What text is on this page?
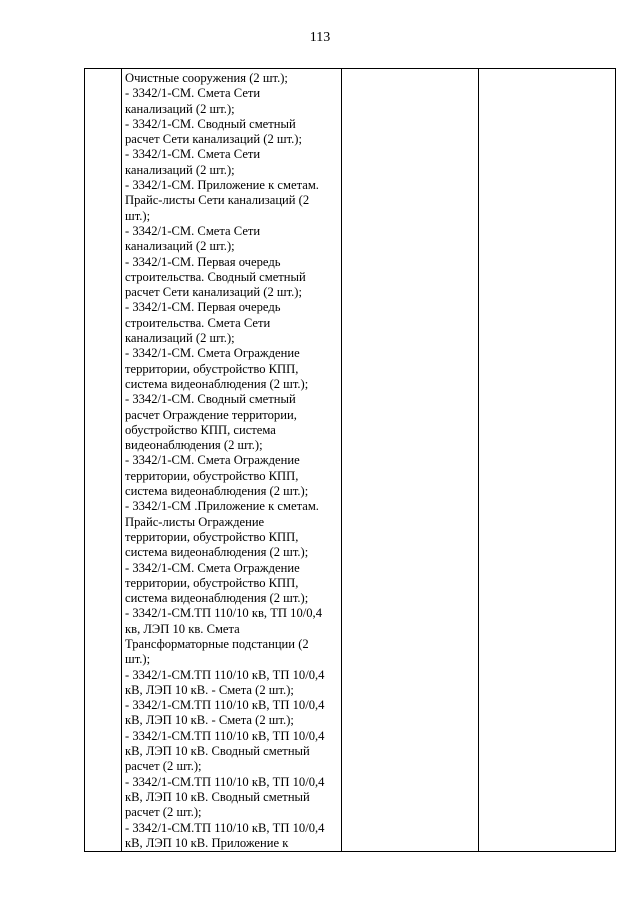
113

Очистные сооружения (2 шт.);
- 3342/1-СМ. Смета Сети
канализаций (2 шт.);
- 3342/1-СМ. Сводный сметный
расчет Сети канализаций (2 шт.);
- 3342/1-СМ. Смета Сети
канализаций (2 шт.);
- 3342/1-СМ. Приложение к сметам.
Прайс-листы Сети канализаций (2
шт.);
- 3342/1-СМ. Смета Сети
канализаций (2 шт.);
- 3342/1-СМ. Первая очередь
строительства. Сводный сметный
расчет Сети канализаций (2 шт.);
- 3342/1-СМ. Первая очередь
строительства. Смета Сети
канализаций (2 шт.);
- 3342/1-СМ. Смета Ограждение
территории, обустройство КПП,
система видеонаблюдения (2 шт.);
- 3342/1-СМ. Сводный сметный
расчет Ограждение территории,
обустройство КПП, система
видеонаблюдения (2 шт.);
- 3342/1-СМ. Смета Ограждение
территории, обустройство КПП,
система видеонаблюдения (2 шт.);
- 3342/1-СМ .Приложение к сметам.
Прайс-листы Ограждение
территории, обустройство КПП,
система видеонаблюдения (2 шт.);
- 3342/1-СМ. Смета Ограждение
территории, обустройство КПП,
система видеонаблюдения (2 шт.);
- 3342/1-СМ.ТП 110/10 кв, ТП 10/0,4
кв, ЛЭП 10 кв. Смета
Трансформаторные подстанции (2
шт.);
- 3342/1-СМ.ТП 110/10 кВ, ТП 10/0,4
кВ, ЛЭП 10 кВ. - Смета (2 шт.);
- 3342/1-СМ.ТП 110/10 кВ, ТП 10/0,4
кВ, ЛЭП 10 кВ. - Смета (2 шт.);
- 3342/1-СМ.ТП 110/10 кВ, ТП 10/0,4
кВ, ЛЭП 10 кВ. Сводный сметный
расчет (2 шт.);
- 3342/1-СМ.ТП 110/10 кВ, ТП 10/0,4
кВ, ЛЭП 10 кВ. Сводный сметный
расчет (2 шт.);
- 3342/1-СМ.ТП 110/10 кВ, ТП 10/0,4
кВ, ЛЭП 10 кВ. Приложение к
